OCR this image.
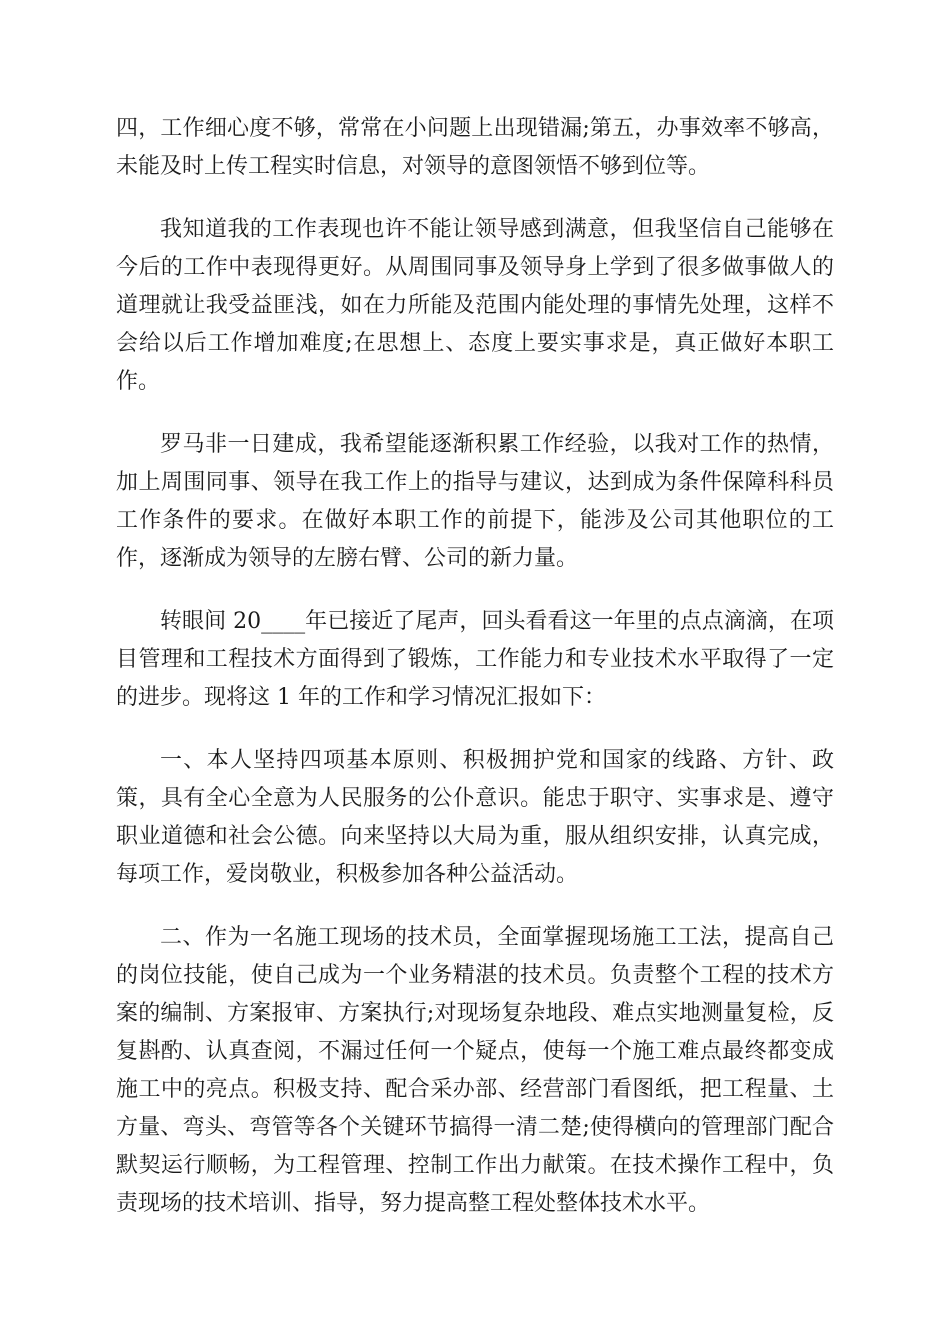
四，工作细心度不够，常常在小问题上出现错漏;第五，办事效率不够高，未能及时上传工程实时信息，对领导的意图领悟不够到位等。

我知道我的工作表现也许不能让领导感到满意，但我坚信自己能够在今后的工作中表现得更好。从周围同事及领导身上学到了很多做事做人的道理就让我受益匪浅，如在力所能及范围内能处理的事情先处理，这样不会给以后工作增加难度;在思想上、态度上要实事求是，真正做好本职工作。

罗马非一日建成，我希望能逐渐积累工作经验，以我对工作的热情，加上周围同事、领导在我工作上的指导与建议，达到成为条件保障科科员工作条件的要求。在做好本职工作的前提下，能涉及公司其他职位的工作，逐渐成为领导的左膀右臂、公司的新力量。

转眼间 20____年已接近了尾声，回头看看这一年里的点点滴滴，在项目管理和工程技术方面得到了锻炼，工作能力和专业技术水平取得了一定的进步。现将这 1 年的工作和学习情况汇报如下：

一、本人坚持四项基本原则、积极拥护党和国家的线路、方针、政策，具有全心全意为人民服务的公仆意识。能忠于职守、实事求是、遵守职业道德和社会公德。向来坚持以大局为重，服从组织安排，认真完成，每项工作，爱岗敬业，积极参加各种公益活动。

二、作为一名施工现场的技术员，全面掌握现场施工工法，提高自己的岗位技能，使自己成为一个业务精湛的技术员。负责整个工程的技术方案的编制、方案报审、方案执行;对现场复杂地段、难点实地测量复检，反复斟酌、认真查阅，不漏过任何一个疑点，使每一个施工难点最终都变成施工中的亮点。积极支持、配合采办部、经营部门看图纸，把工程量、土方量、弯头、弯管等各个关键环节搞得一清二楚;使得横向的管理部门配合默契运行顺畅，为工程管理、控制工作出力献策。在技术操作工程中，负责现场的技术培训、指导，努力提高整工程处整体技术水平。
